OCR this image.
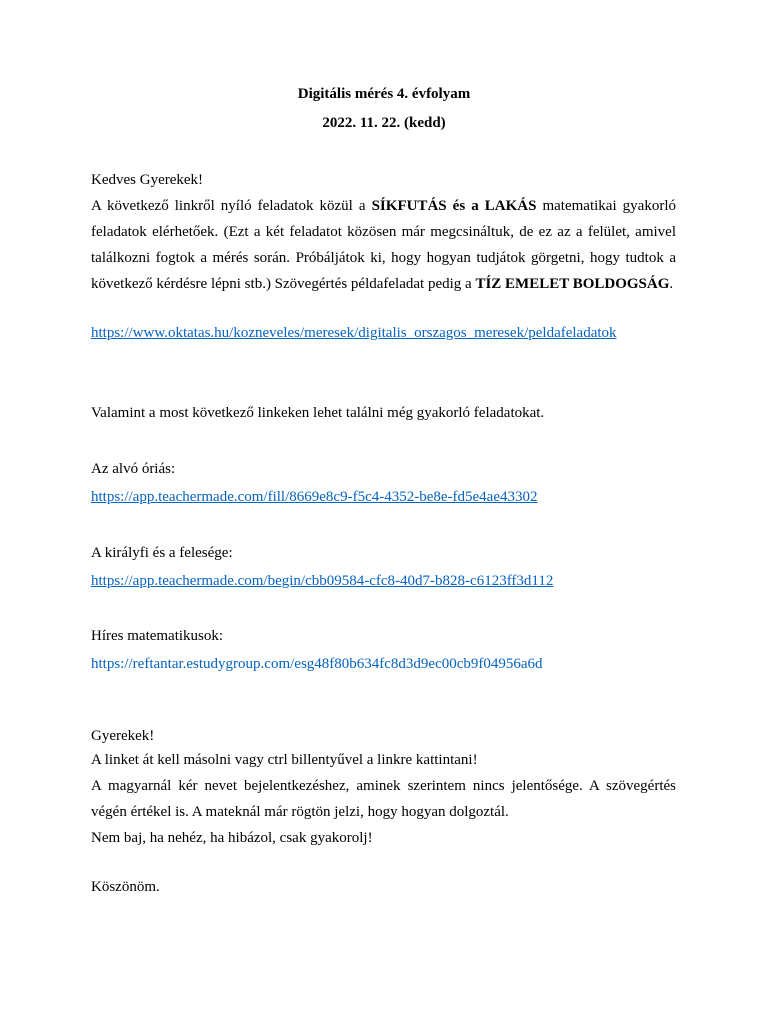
Digitális mérés 4. évfolyam
2022. 11. 22. (kedd)
Kedves Gyerekek!
A következő linkről nyíló feladatok közül a SÍKFUTÁS és a LAKÁS matematikai gyakorló feladatok elérhetőek. (Ezt a két feladatot közösen már megcsináltuk, de ez az a felület, amivel találkozni fogtok a mérés során. Próbáljátok ki, hogy hogyan tudjátok görgetni, hogy tudtok a következő kérdésre lépni stb.) Szövegértés példafeladat pedig a TÍZ EMELET BOLDOGSÁG.
https://www.oktatas.hu/kozneveles/meresek/digitalis_orszagos_meresek/peldafeladatok
Valamint a most következő linkeken lehet találni még gyakorló feladatokat.
Az alvó óriás:
https://app.teachermade.com/fill/8669e8c9-f5c4-4352-be8e-fd5e4ae43302
A királyfi és a felesége:
https://app.teachermade.com/begin/cbb09584-cfc8-40d7-b828-c6123ff3d112
Híres matematikusok:
https://reftantar.estudygroup.com/esg48f80b634fc8d3d9ec00cb9f04956a6d
Gyerekek!
A linket át kell másolni vagy ctrl billentyűvel a linkre kattintani!
A magyarnál kér nevet bejelentkezéshez, aminek szerintem nincs jelentősége. A szövegértés végén értékel is. A mateknál már rögtön jelzi, hogy hogyan dolgoztál.
Nem baj, ha nehéz, ha hibázol, csak gyakorolj!
Köszönöm.
